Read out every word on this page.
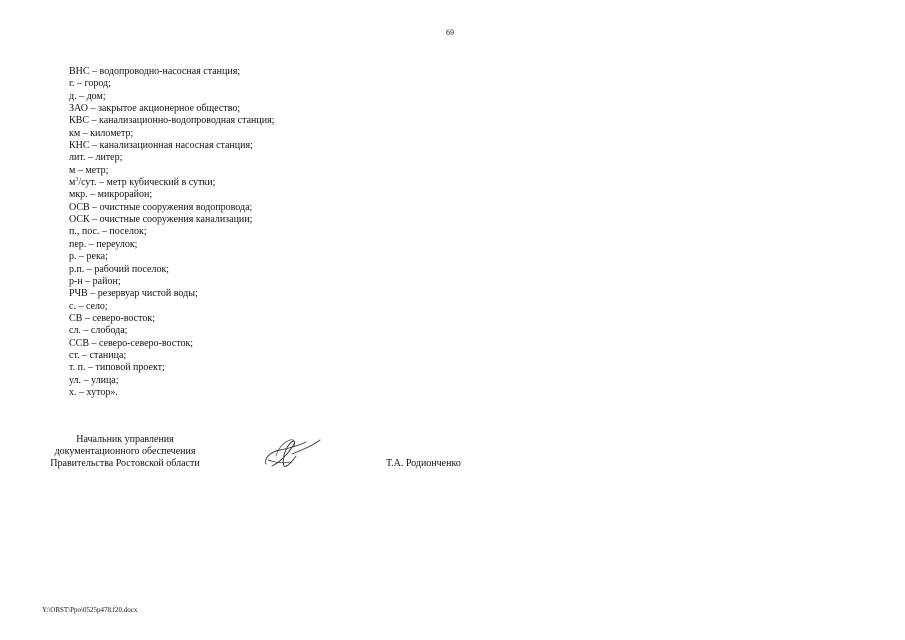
69
ВНС – водопроводно-насосная станция;
г. – город;
д. – дом;
ЗАО – закрытое акционерное общество;
КВС – канализационно-водопроводная станция;
км – километр;
КНС – канализационная насосная станция;
лит. – литер;
м – метр;
$м^3$/сут. – метр кубический в сутки;
мкр. – микрорайон;
ОСВ – очистные сооружения водопровода;
ОСК – очистные сооружения канализации;
п., пос. – поселок;
пер. – переулок;
р. – река;
р.п. – рабочий поселок;
р-н – район;
РЧВ – резервуар чистой воды;
с. – село;
СВ – северо-восток;
сл. – слобода;
ССВ – северо-северо-восток;
ст. – станица;
т. п. – типовой проект;
ул. – улица;
х. – хутор».
Начальник управления
документационного обеспечения
Правительства Ростовской области	Т.А. Родионченко
Y:\ORST\Ppo\0525p478.f20.docx
